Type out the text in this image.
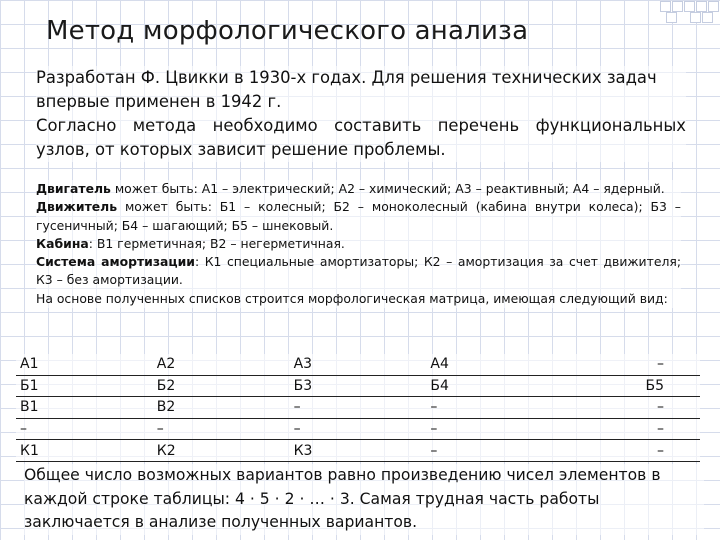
Метод морфологического анализа

Разработан Ф. Цвикки в 1930-х годах. Для решения технических задач впервые применен в 1942 г.

Согласно метода необходимо составить перечень функциональных узлов, от которых зависит решение проблемы.

Двигатель может быть: А1 – электрический; А2 – химический; А3 – реактивный; А4 – ядерный.

Движитель может быть: Б1 – колесный; Б2 – моноколесный (кабина внутри колеса); Б3 – гусеничный; Б4 – шагающий; Б5 – шнековый.

Кабина: В1 герметичная; В2 – негерметичная.

Система амортизации: К1 специальные амортизаторы; К2 – амортизация за счет движителя; К3 – без амортизации.

На основе полученных списков строится морфологическая матрица, имеющая следующий вид:

А1	А2	А3	А4	–
Б1	Б2	Б3	Б4	Б5
В1	В2	–	–	–
–	–	–	–	–
К1	К2	К3	–	–

Общее число возможных вариантов равно произведению чисел элементов в каждой строке таблицы: 4 · 5 · 2 · … · 3. Самая трудная часть работы заключается в анализе полученных вариантов.
